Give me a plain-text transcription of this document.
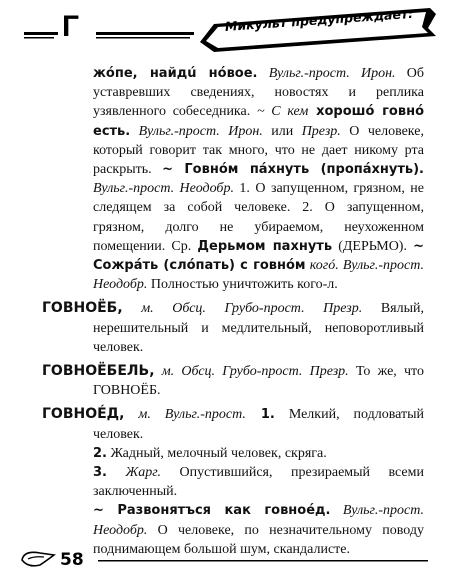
Г	Микульт предупреждает:

жóпе, найдú нóвое. Вульг.-прост. Ирон. Об уставревших сведениях, новостях и реплика узявленного собеседника. ~ С кем хорошó говнó есть. Вульг.-прост. Ирон. или Презр. О человеке, который говорит так много, что не дает никому рта раскрыть. ~ Говнóм пáхнуть (пропáхнуть). Вульг.-прост. Неодобр. 1. О запущенном, грязном, не следящем за собой человеке. 2. О запущенном, грязном, долго не убираемом, неухоженном помещении. Ср. Дерьмом пахнуть (ДЕРЬМО). ~ Сожрáть (слóпать) с говнóм когó. Вульг.-прост. Неодобр. Полностью уничтожить кого-л.

ГОВНОЁБ, м. Обсц. Грубо-прост. Презр. Вялый, нерешительный и медлительный, неповоротливый человек.

ГОВНОЁБЕЛЬ, м. Обсц. Грубо-прост. Презр. То же, что ГОВНОЁБ.

ГОВНОÉД, м. Вульг.-прост. 1. Мелкий, подловатый человек.

2. Жадный, мелочный человек, скряга.

3. Жарг. Опустившийся, презираемый всеми заключенный.

~ Развонятъся как говноéд. Вульг.-прост. Неодобр. О человеке, по незначительному поводу поднимающем большой шум, скандалисте.

58
